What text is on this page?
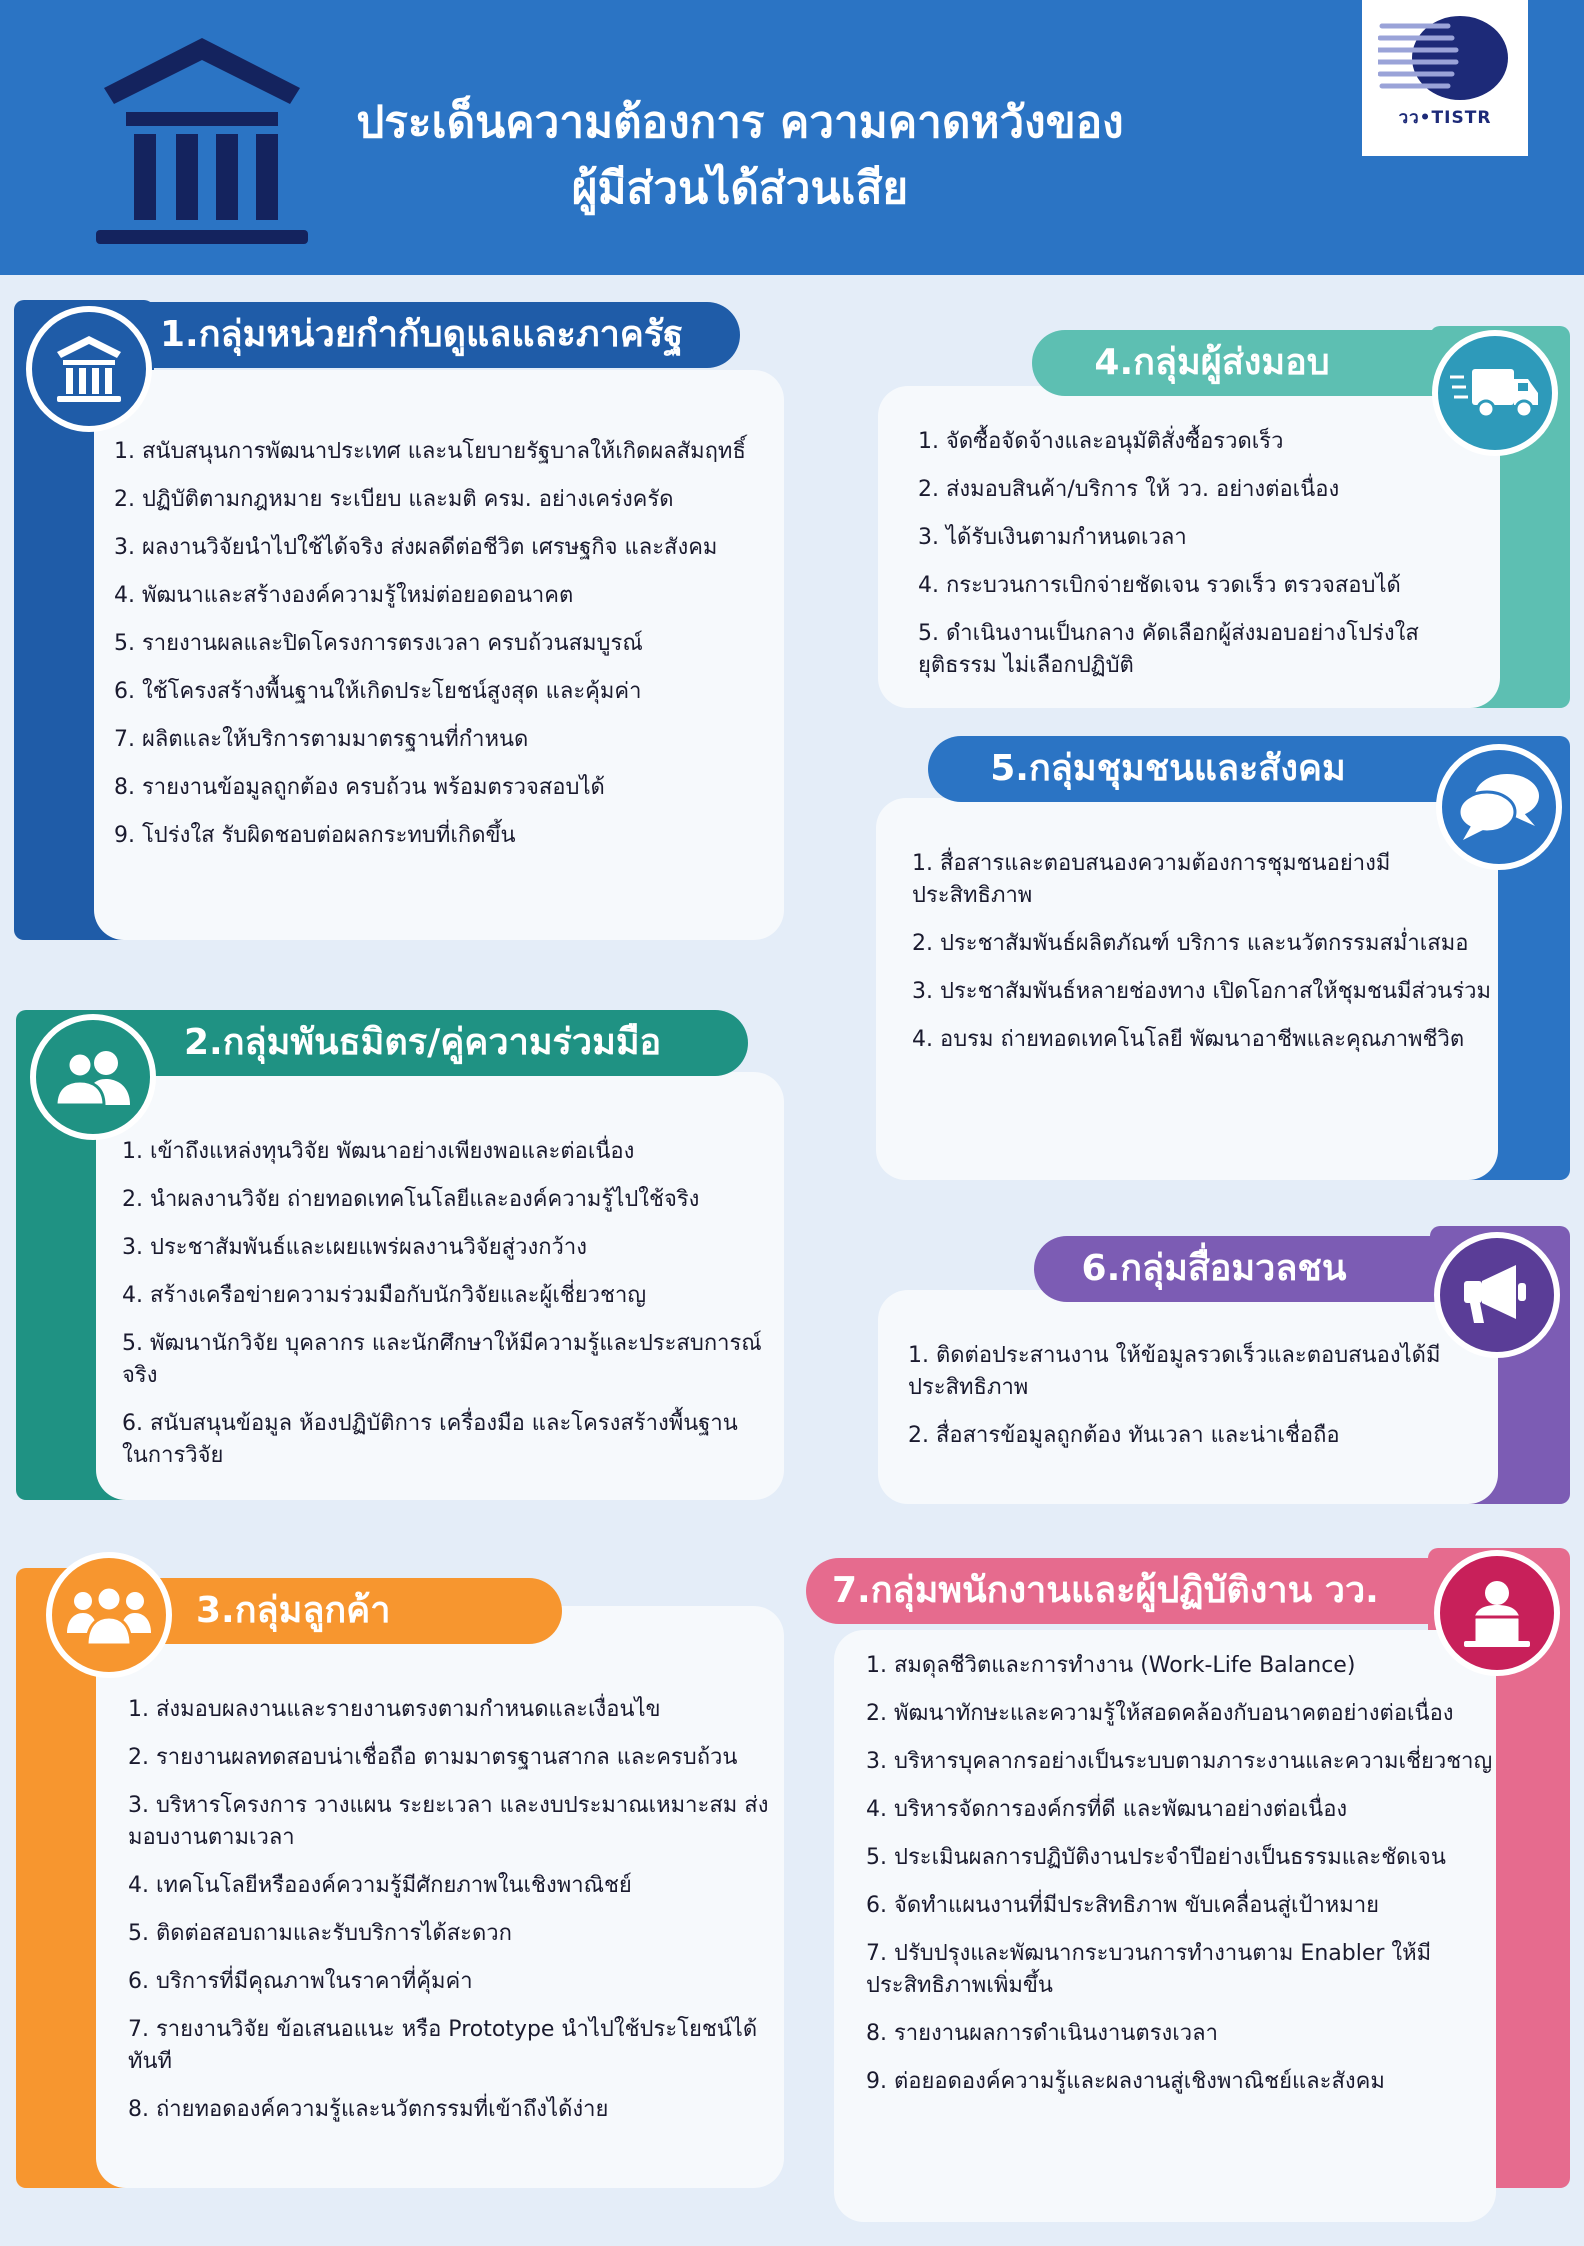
ประเด็นความต้องการ ความคาดหวังของ
ผู้มีส่วนได้ส่วนเสีย
วว•TISTR
1.กลุ่มหน่วยกำกับดูแลและภาครัฐ
1. สนับสนุนการพัฒนาประเทศ และนโยบายรัฐบาลให้เกิดผลสัมฤทธิ์
2. ปฏิบัติตามกฎหมาย ระเบียบ และมติ ครม. อย่างเคร่งครัด
3. ผลงานวิจัยนำไปใช้ได้จริง ส่งผลดีต่อชีวิต เศรษฐกิจ และสังคม
4. พัฒนาและสร้างองค์ความรู้ใหม่ต่อยอดอนาคต
5. รายงานผลและปิดโครงการตรงเวลา ครบถ้วนสมบูรณ์
6. ใช้โครงสร้างพื้นฐานให้เกิดประโยชน์สูงสุด และคุ้มค่า
7. ผลิตและให้บริการตามมาตรฐานที่กำหนด
8. รายงานข้อมูลถูกต้อง ครบถ้วน พร้อมตรวจสอบได้
9. โปร่งใส รับผิดชอบต่อผลกระทบที่เกิดขึ้น
2.กลุ่มพันธมิตร/คู่ความร่วมมือ
1. เข้าถึงแหล่งทุนวิจัย พัฒนาอย่างเพียงพอและต่อเนื่อง
2. นำผลงานวิจัย ถ่ายทอดเทคโนโลยีและองค์ความรู้ไปใช้จริง
3. ประชาสัมพันธ์และเผยแพร่ผลงานวิจัยสู่วงกว้าง
4. สร้างเครือข่ายความร่วมมือกับนักวิจัยและผู้เชี่ยวชาญ
5. พัฒนานักวิจัย บุคลากร และนักศึกษาให้มีความรู้และประสบการณ์จริง
6. สนับสนุนข้อมูล ห้องปฏิบัติการ เครื่องมือ และโครงสร้างพื้นฐานในการวิจัย
3.กลุ่มลูกค้า
1. ส่งมอบผลงานและรายงานตรงตามกำหนดและเงื่อนไข
2. รายงานผลทดสอบน่าเชื่อถือ ตามมาตรฐานสากล และครบถ้วน
3. บริหารโครงการ วางแผน ระยะเวลา และงบประมาณเหมาะสม ส่งมอบงานตามเวลา
4. เทคโนโลยีหรือองค์ความรู้มีศักยภาพในเชิงพาณิชย์
5. ติดต่อสอบถามและรับบริการได้สะดวก
6. บริการที่มีคุณภาพในราคาที่คุ้มค่า
7. รายงานวิจัย ข้อเสนอแนะ หรือ Prototype นำไปใช้ประโยชน์ได้ทันที
8. ถ่ายทอดองค์ความรู้และนวัตกรรมที่เข้าถึงได้ง่าย
4.กลุ่มผู้ส่งมอบ
1. จัดซื้อจัดจ้างและอนุมัติสั่งซื้อรวดเร็ว
2. ส่งมอบสินค้า/บริการ ให้ วว. อย่างต่อเนื่อง
3. ได้รับเงินตามกำหนดเวลา
4. กระบวนการเบิกจ่ายชัดเจน รวดเร็ว ตรวจสอบได้
5. ดำเนินงานเป็นกลาง คัดเลือกผู้ส่งมอบอย่างโปร่งใส ยุติธรรม ไม่เลือกปฏิบัติ
5.กลุ่มชุมชนและสังคม
1. สื่อสารและตอบสนองความต้องการชุมชนอย่างมีประสิทธิภาพ
2. ประชาสัมพันธ์ผลิตภัณฑ์ บริการ และนวัตกรรมสม่ำเสมอ
3. ประชาสัมพันธ์หลายช่องทาง เปิดโอกาสให้ชุมชนมีส่วนร่วม
4. อบรม ถ่ายทอดเทคโนโลยี พัฒนาอาชีพและคุณภาพชีวิต
6.กลุ่มสื่อมวลชน
1. ติดต่อประสานงาน ให้ข้อมูลรวดเร็วและตอบสนองได้มีประสิทธิภาพ
2. สื่อสารข้อมูลถูกต้อง ทันเวลา และน่าเชื่อถือ
7.กลุ่มพนักงานและผู้ปฏิบัติงาน วว.
1. สมดุลชีวิตและการทำงาน (Work-Life Balance)
2. พัฒนาทักษะและความรู้ให้สอดคล้องกับอนาคตอย่างต่อเนื่อง
3. บริหารบุคลากรอย่างเป็นระบบตามภาระงานและความเชี่ยวชาญ
4. บริหารจัดการองค์กรที่ดี และพัฒนาอย่างต่อเนื่อง
5. ประเมินผลการปฏิบัติงานประจำปีอย่างเป็นธรรมและชัดเจน
6. จัดทำแผนงานที่มีประสิทธิภาพ ขับเคลื่อนสู่เป้าหมาย
7. ปรับปรุงและพัฒนากระบวนการทำงานตาม Enabler ให้มีประสิทธิภาพเพิ่มขึ้น
8. รายงานผลการดำเนินงานตรงเวลา
9. ต่อยอดองค์ความรู้และผลงานสู่เชิงพาณิชย์และสังคม
